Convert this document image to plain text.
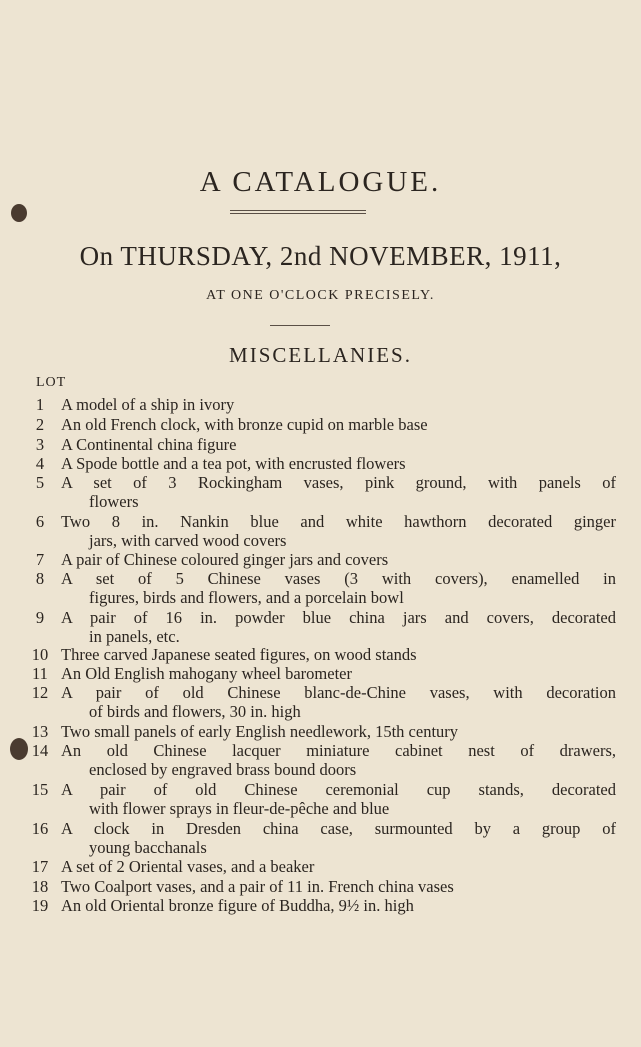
A CATALOGUE.
On THURSDAY, 2nd NOVEMBER, 1911,
AT ONE O'CLOCK PRECISELY.
MISCELLANIES.
LOT
1	A model of a ship in ivory
2	An old French clock, with bronze cupid on marble base
3	A Continental china figure
4	A Spode bottle and a tea pot, with encrusted flowers
5	A set of 3 Rockingham vases, pink ground, with panels of
flowers
6	Two 8 in. Nankin blue and white hawthorn decorated ginger
jars, with carved wood covers
7	A pair of Chinese coloured ginger jars and covers
8	A set of 5 Chinese vases (3 with covers), enamelled in
figures, birds and flowers, and a porcelain bowl
9	A pair of 16 in. powder blue china jars and covers, decorated
in panels, etc.
10 Three carved Japanese seated figures, on wood stands
11 An Old English mahogany wheel barometer
12 A pair of old Chinese blanc-de-Chine vases, with decoration
of birds and flowers, 30 in. high
13 Two small panels of early English needlework, 15th century
14 An old Chinese lacquer miniature cabinet nest of drawers,
enclosed by engraved brass bound doors
15 A pair of old Chinese ceremonial cup stands, decorated
with flower sprays in fleur-de-pêche and blue
16 A clock in Dresden china case, surmounted by a group of
young bacchanals
17 A set of 2 Oriental vases, and a beaker
18 Two Coalport vases, and a pair of 11 in. French china vases
19 An old Oriental bronze figure of Buddha, 9½ in. high
